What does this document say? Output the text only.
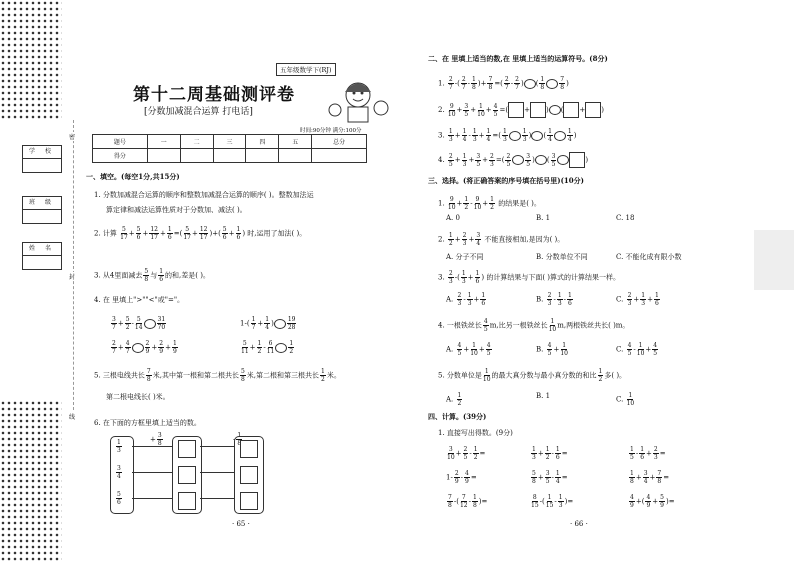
学 校
班 级
姓 名
密
封
线
五年级数学下(RJ)
第十二周基础测评卷
[分数加减混合运算 打电话]
时间:90分钟 满分:100分
题号	一	二	三	四	五	总分
得分						
一、填空。(每空1分,共15分)
1. 分数加减混合运算的顺序和整数加减混合运算的顺序( )。整数加法运
算定律和减法运算性质对于分数加、减法( )。
2. 计算 $\frac{5}{17} + \frac{5}{6} + \frac{12}{17} + \frac{1}{6}$ =( $\frac{5}{17} + \frac{12}{17}$ )+( $\frac{5}{6} + \frac{1}{6}$ ) 时,运用了加法( )。
3. 从4里面减去 $\frac{5}{8}$ 与 $\frac{1}{6}$ 的和,差是( )。
4. 在 里填上">""<"或"="。
$\frac{3}{7} + \frac{5}{2} - \frac{5}{14} \frac{31}{70}$	$1-( \frac{1}{7} + \frac{1}{4}$ ) $\frac{19}{28}$
$\frac{2}{7} + \frac{4}{7} \frac{2}{9} + \frac{2}{9} + \frac{1}{9}$	$\frac{5}{11} + \frac{1}{2} - \frac{6}{11} \frac{1}{2}$
5. 三根电线共长 $\frac{7}{8}$ 米,其中第一根和第二根共长 $\frac{5}{8}$ 米,第二根和第三根共长 $\frac{1}{2}$ 米。
第二根电线长( )米。
6. 在下面的方框里填上适当的数。
$\frac{1}{3}$
$\frac{3}{4}$
$\frac{5}{6}$
+ $\frac{3}{8}$	- $\frac{1}{8}$
· 65 ·
二、在 里填上适当的数,在 里填上适当的运算符号。(8分)
1. $\frac{2}{7}$ -( $\frac{2}{7} - \frac{1}{8}$ )+ $\frac{7}{8}$ =( $\frac{2}{7} - \frac{2}{7}$ ) ( $\frac{1}{8} \frac{7}{8}$ )
2. $\frac{9}{10} + \frac{3}{5} + \frac{1}{10} + \frac{4}{5}$ =( + ) ( + )
3. $\frac{1}{3} + \frac{1}{4} - \frac{1}{3} + \frac{1}{4}$ =( $\frac{1}{3} \frac{1}{3}$ ) ( $\frac{1}{4} \frac{1}{4}$ )
4. $\frac{2}{5} + \frac{1}{3} + \frac{3}{5} + \frac{2}{3}$ =( $\frac{2}{5} \frac{3}{5}$ ) ( $\frac{3}{5}$	)
三、选择。(将正确答案的序号填在括号里)(10分)
1. $\frac{9}{10} + \frac{1}{2} - \frac{9}{10} + \frac{1}{2}$ 的结果是( )。
A. 0	B. 1	C. 18
2. $\frac{1}{2} + \frac{2}{3} + \frac{3}{4}$ 不能直接相加,是因为( )。
A. 分子不同	B. 分数单位不同	C. 不能化成有限小数
3. $\frac{2}{3}$ -( $\frac{1}{3} + \frac{1}{6}$ ) 的计算结果与下面( )算式的计算结果一样。
A. $\frac{2}{3} - \frac{1}{3} + \frac{1}{6}$	B. $\frac{2}{3} - \frac{1}{3} - \frac{1}{6}$	C. $\frac{2}{3} + \frac{1}{3} + \frac{1}{6}$
4. 一根铁丝长 $\frac{4}{5} m$,比另一根铁丝长 $\frac{1}{10} m$,两根铁丝共长( )m。
A. $\frac{4}{5} + \frac{1}{10} + \frac{4}{5}$	B. $\frac{4}{5} + \frac{1}{10}$	C. $\frac{4}{5} - \frac{1}{10} + \frac{4}{5}$
5. 分数单位是 $\frac{1}{10}$ 的最大真分数与最小真分数的和比 $\frac{1}{2}$ 多( )。
A. $\frac{1}{2}$	B. 1	C. $\frac{1}{10}$
四、计算。(39分)
1. 直接写出得数。(9分)
$\frac{3}{10} + \frac{2}{5} - \frac{1}{2}$ =	$\frac{1}{3} + \frac{1}{2} - \frac{1}{6}$ =	$\frac{1}{5} - \frac{1}{6} + \frac{2}{3}$ =
$1- \frac{2}{9} - \frac{4}{9}$ =	$\frac{5}{8} + \frac{3}{5} - \frac{1}{4}$ =	$\frac{1}{8} + \frac{3}{4} + \frac{7}{8}$ =
$\frac{7}{8}$ -( $\frac{7}{12} - \frac{1}{8}$ )=	$\frac{8}{15}$ -( $\frac{1}{15} - \frac{1}{3}$ )=	$\frac{4}{9}$ +( $\frac{4}{9} + \frac{5}{9}$ )=
· 66 ·
